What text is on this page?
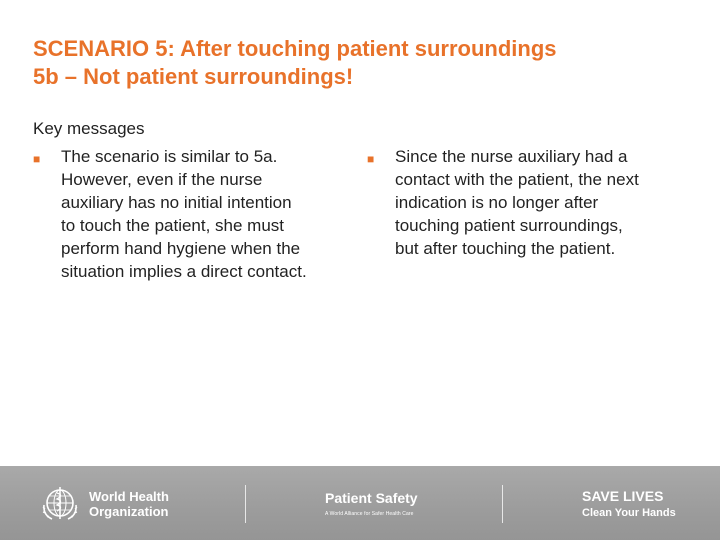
SCENARIO 5: After touching patient surroundings
5b – Not patient surroundings!
Key messages
■	The scenario is similar to 5a.
However, even if the nurse
auxiliary has no initial intention
to touch the patient, she must
perform hand hygiene when the
situation implies a direct contact.
■	Since the nurse auxiliary had a
contact with the patient, the next
indication is no longer after
touching patient surroundings,
but after touching the patient.
World Health
Organization
Patient Safety
A World Alliance for Safer Health Care
SAVE LIVES
Clean Your Hands
